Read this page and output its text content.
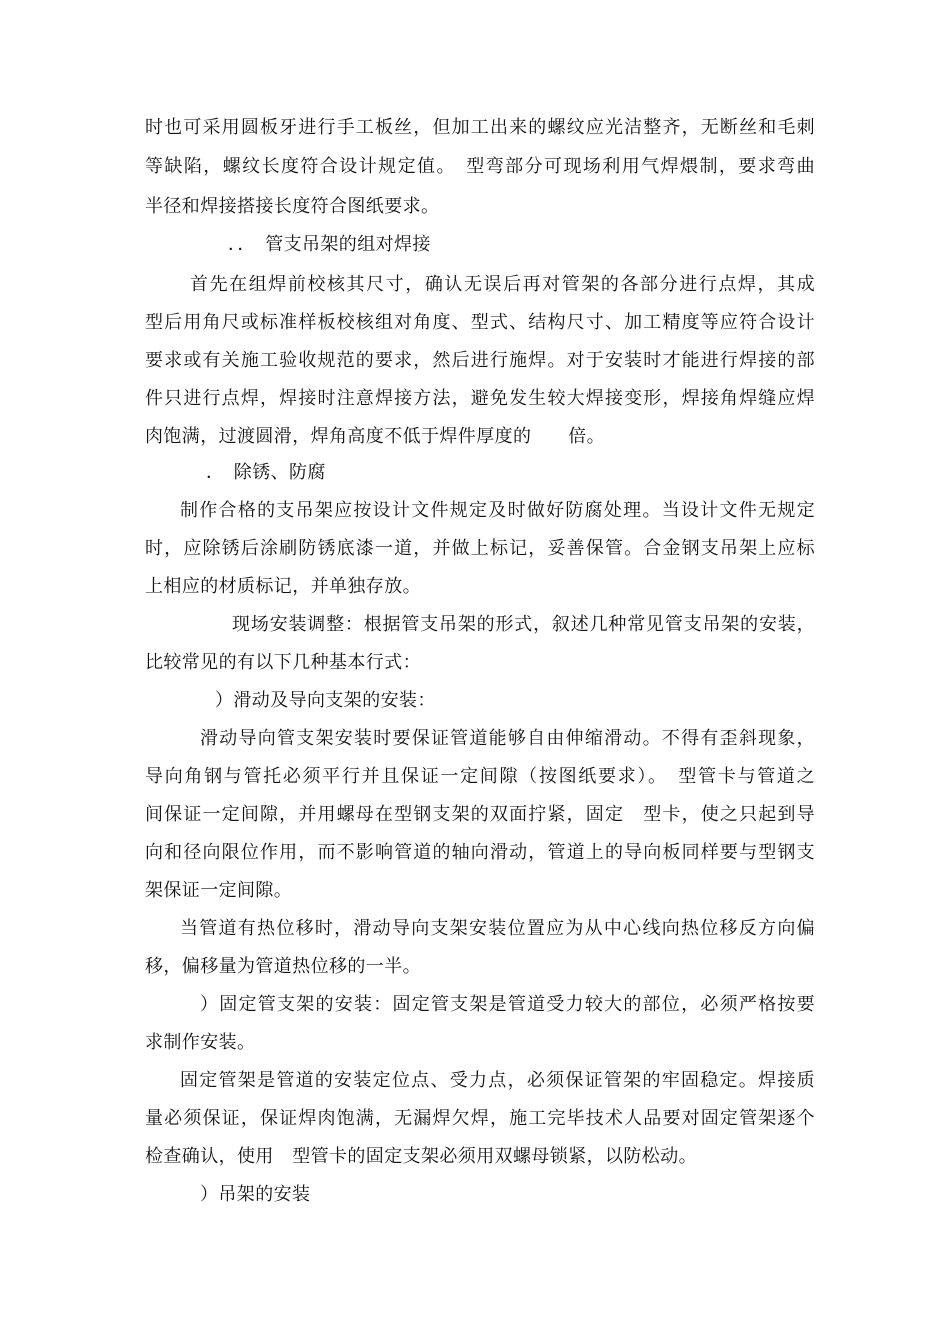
时也可采用圆板牙进行手工板丝，但加工出来的螺纹应光洁整齐，无断丝和毛刺
等缺陷，螺纹长度符合设计规定值。　型弯部分可现场利用气焊煨制，要求弯曲
半径和焊接搭接长度符合图纸要求。
．．　管支吊架的组对焊接
首先在组焊前校核其尺寸，确认无误后再对管架的各部分进行点焊，其成
型后用角尺或标准样板校核组对角度、型式、结构尺寸、加工精度等应符合设计
要求或有关施工验收规范的要求，然后进行施焊。对于安装时才能进行焊接的部
件只进行点焊，焊接时注意焊接方法，避免发生较大焊接变形，焊接角焊缝应焊
肉饱满，过渡圆滑，焊角高度不低于焊件厚度的　　倍。
．　除锈、防腐
制作合格的支吊架应按设计文件规定及时做好防腐处理。当设计文件无规定
时，应除锈后涂刷防锈底漆一道，并做上标记，妥善保管。合金钢支吊架上应标
上相应的材质标记，并单独存放。
现场安装调整：根据管支吊架的形式，叙述几种常见管支吊架的安装，
比较常见的有以下几种基本行式：
）滑动及导向支架的安装：
滑动导向管支架安装时要保证管道能够自由伸缩滑动。不得有歪斜现象，
导向角钢与管托必须平行并且保证一定间隙（按图纸要求）。　型管卡与管道之
间保证一定间隙，并用螺母在型钢支架的双面拧紧，固定　型卡，使之只起到导
向和径向限位作用，而不影响管道的轴向滑动，管道上的导向板同样要与型钢支
架保证一定间隙。
当管道有热位移时，滑动导向支架安装位置应为从中心线向热位移反方向偏
移，偏移量为管道热位移的一半。
）固定管支架的安装：固定管支架是管道受力较大的部位，必须严格按要
求制作安装。
固定管架是管道的安装定位点、受力点，必须保证管架的牢固稳定。焊接质
量必须保证，保证焊肉饱满，无漏焊欠焊，施工完毕技术人品要对固定管架逐个
检查确认，使用　型管卡的固定支架必须用双螺母锁紧，以防松动。
）吊架的安装
